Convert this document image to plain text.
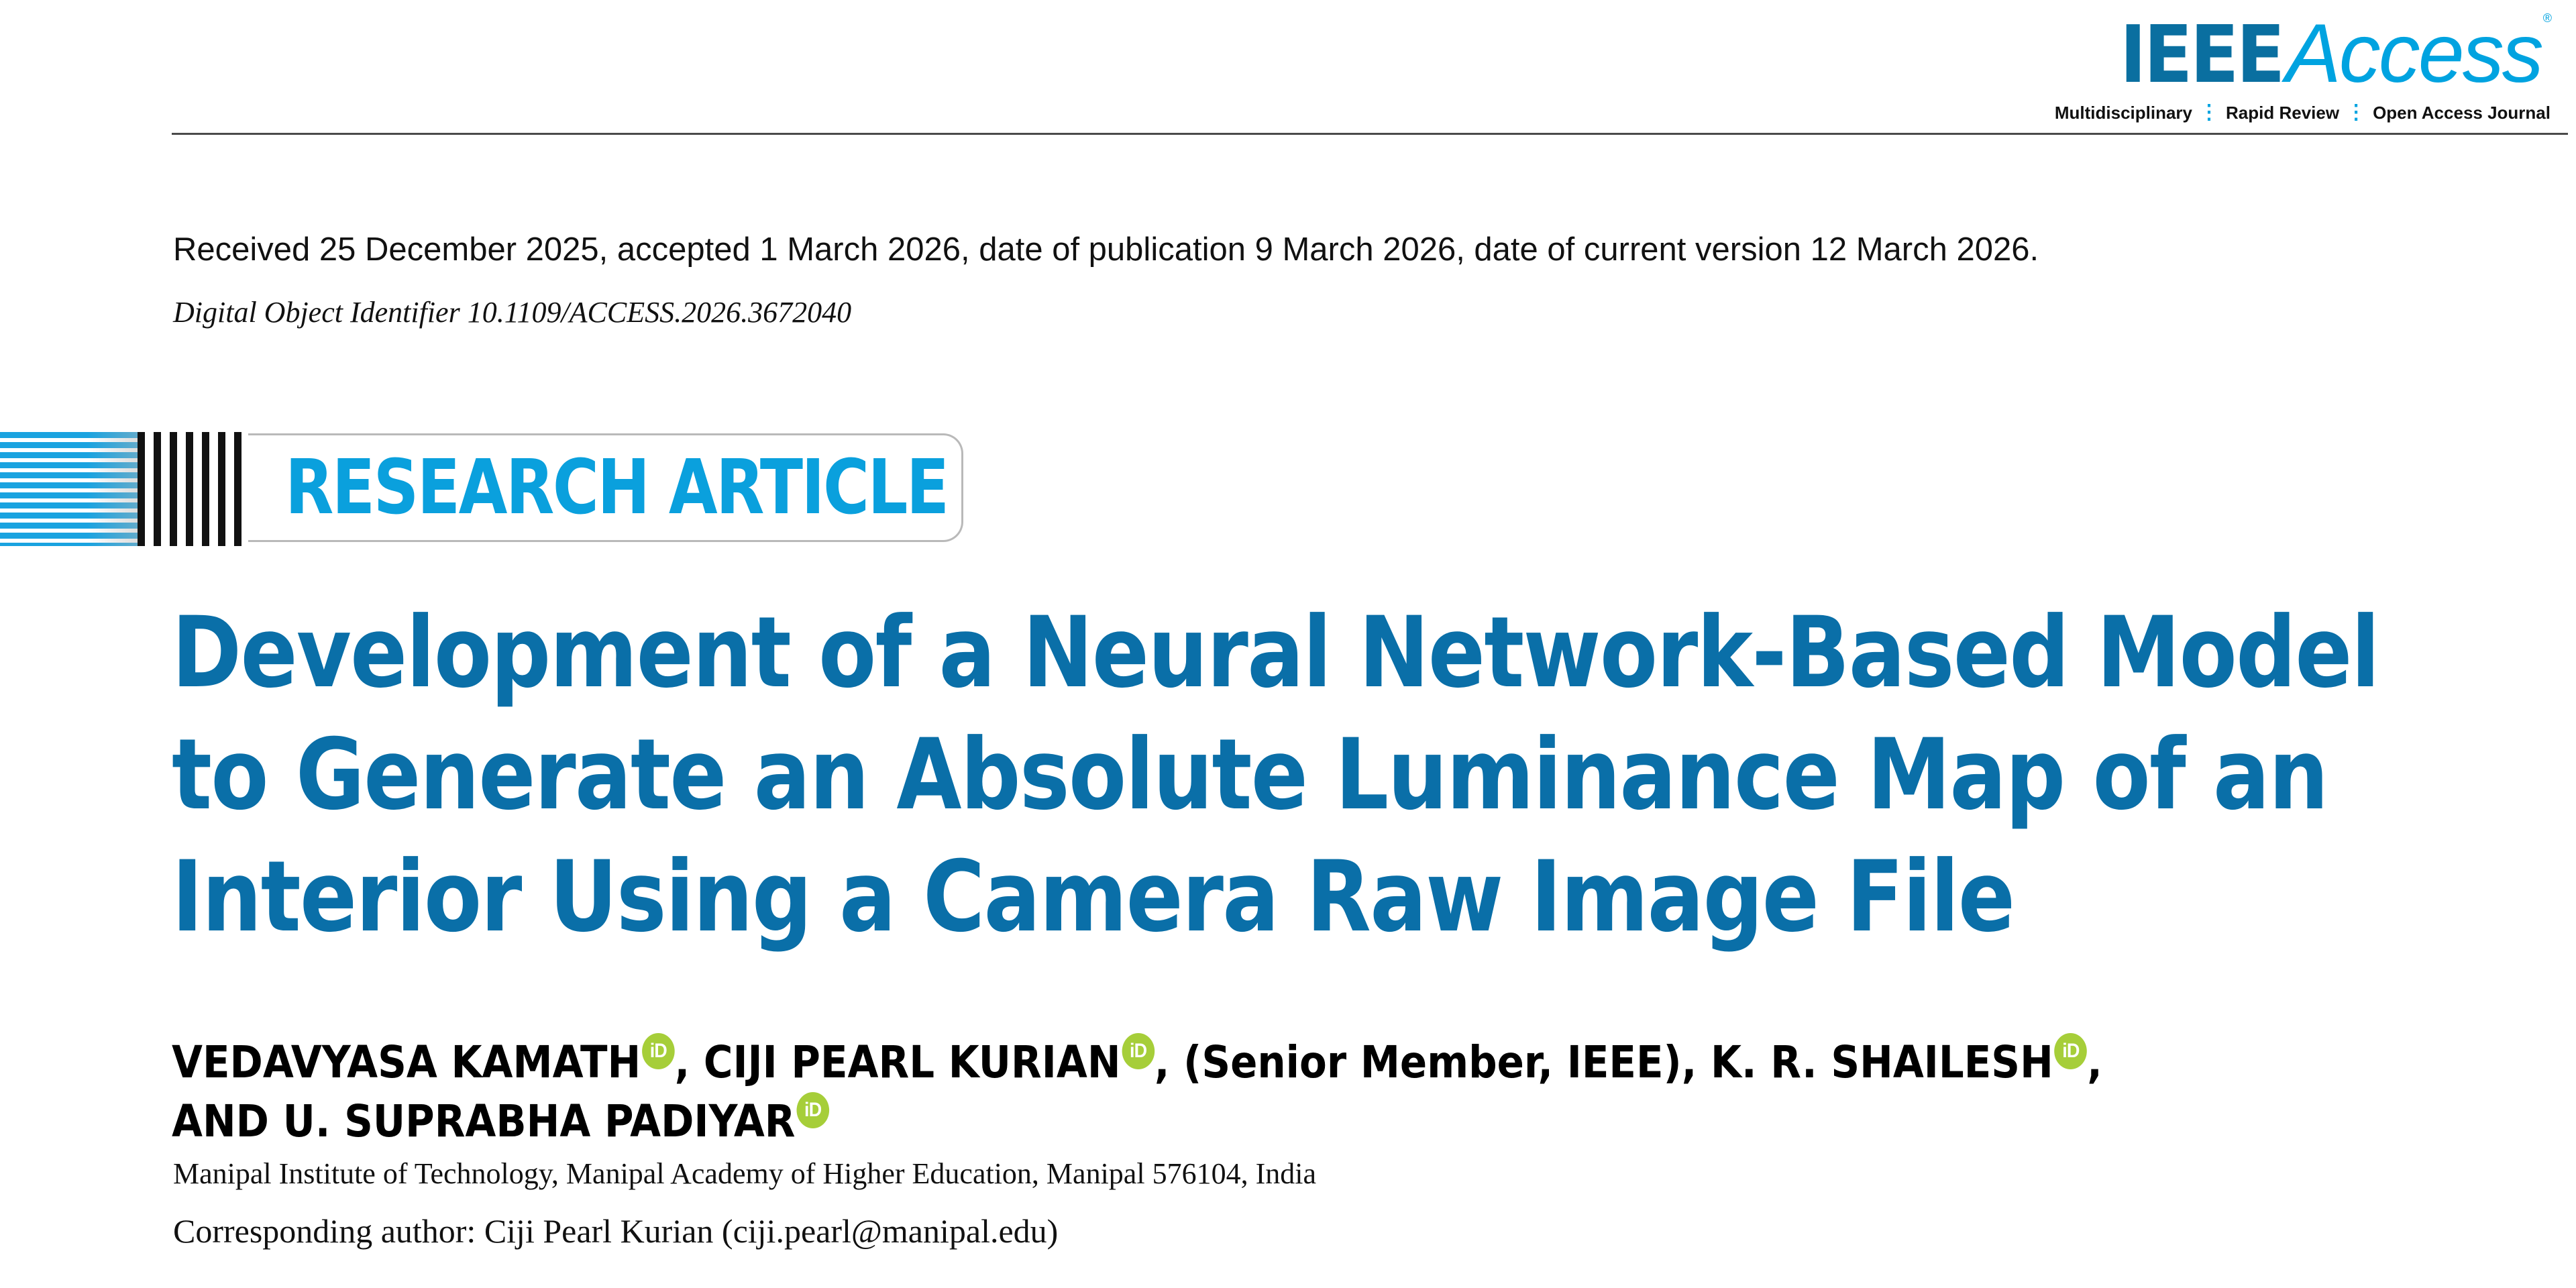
IEEEAccess ®
Multidisciplinary ⋮ Rapid Review ⋮ Open Access Journal
Received 25 December 2025, accepted 1 March 2026, date of publication 9 March 2026, date of current version 12 March 2026.
Digital Object Identifier 10.1109/ACCESS.2026.3672040
RESEARCH ARTICLE
Development of a Neural Network-Based Model
to Generate an Absolute Luminance Map of an
Interior Using a Camera Raw Image File
VEDAVYASA KAMATH iD , CIJI PEARL KURIAN iD , (Senior Member, IEEE), K. R. SHAILESH iD ,
AND U. SUPRABHA PADIYAR iD
Manipal Institute of Technology, Manipal Academy of Higher Education, Manipal 576104, India
Corresponding author: Ciji Pearl Kurian (ciji.pearl@manipal.edu)
